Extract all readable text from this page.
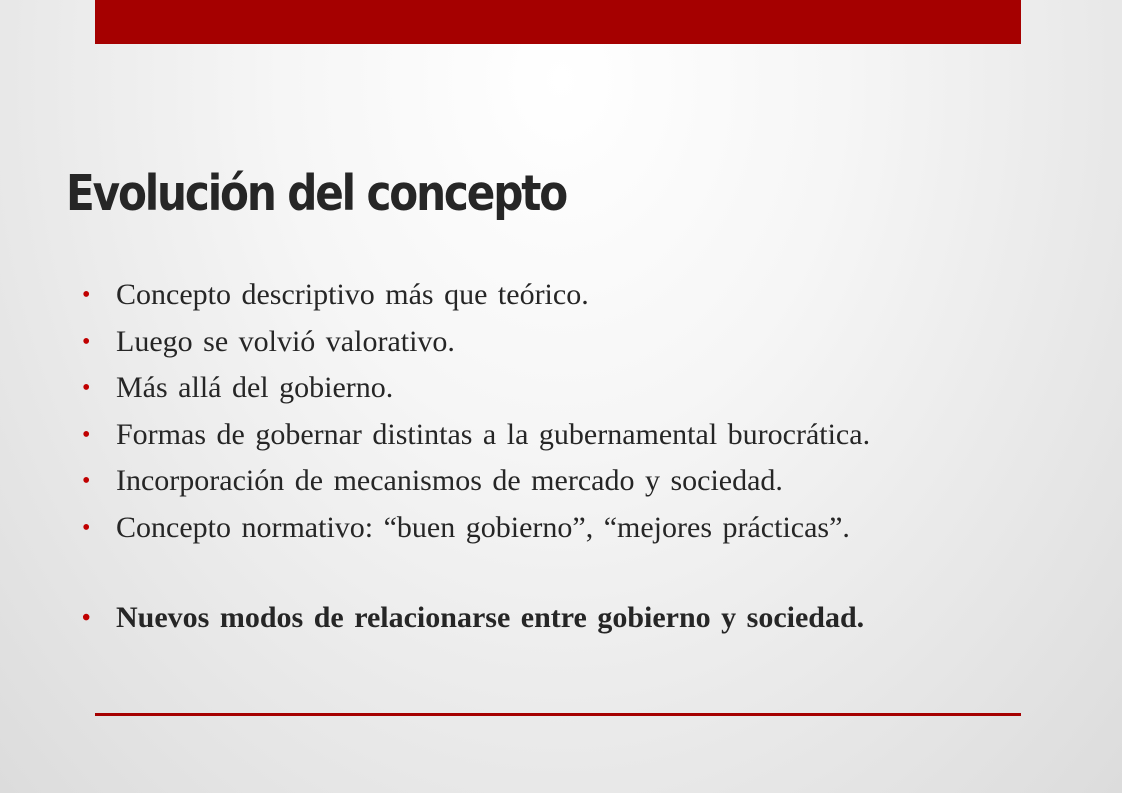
Evolución del concepto
• Concepto descriptivo más que teórico.
• Luego se volvió valorativo.
• Más allá del gobierno.
• Formas de gobernar distintas a la gubernamental burocrática.
• Incorporación de mecanismos de mercado y sociedad.
• Concepto normativo: “buen gobierno”, “mejores prácticas”.
• Nuevos modos de relacionarse entre gobierno y sociedad.
